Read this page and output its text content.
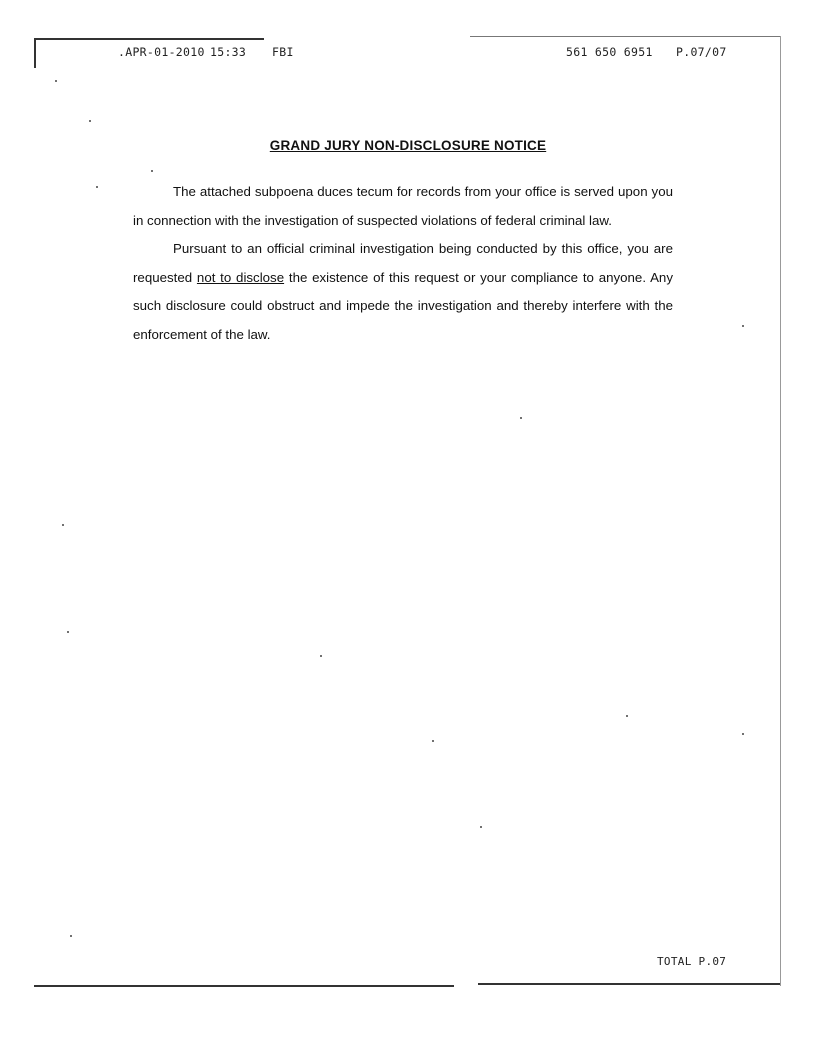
.APR-01-2010 15:33 FBI	561 650 6951 P.07/07
GRAND JURY NON-DISCLOSURE NOTICE

The attached subpoena duces tecum for records from your office is served upon you in connection with the investigation of suspected violations of federal criminal law.

Pursuant to an official criminal investigation being conducted by this office, you are requested not to disclose the existence of this request or your compliance to anyone. Any such disclosure could obstruct and impede the investigation and thereby interfere with the enforcement of the law.

TOTAL P.07
